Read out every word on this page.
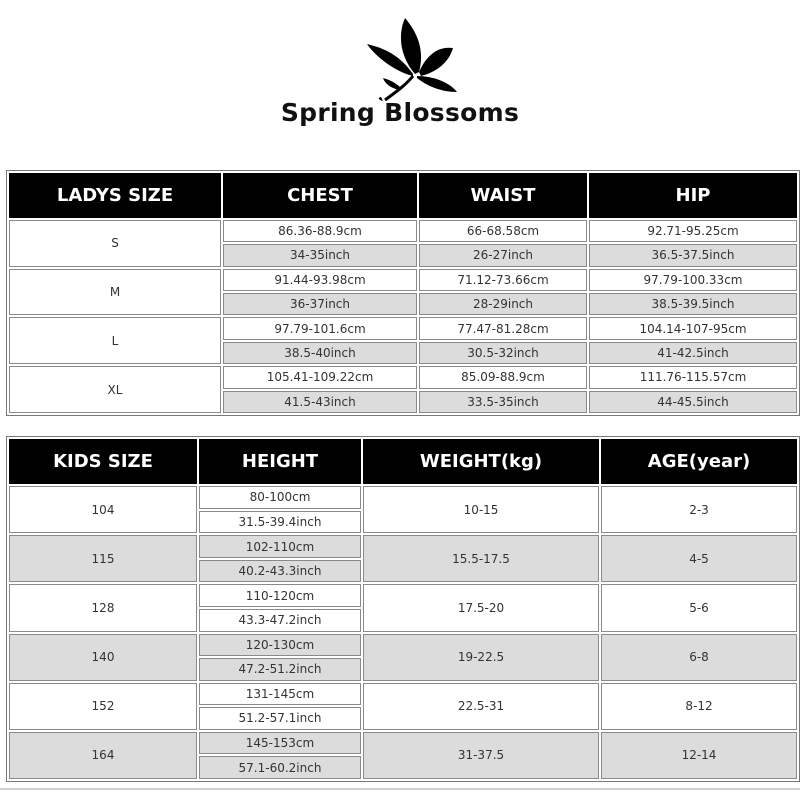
Spring Blossoms
LADYS SIZE	CHEST	WAIST	HIP
S	86.36-88.9cm	66-68.58cm	92.71-95.25cm
	34-35inch	26-27inch	36.5-37.5inch
M	91.44-93.98cm	71.12-73.66cm	97.79-100.33cm
	36-37inch	28-29inch	38.5-39.5inch
L	97.79-101.6cm	77.47-81.28cm	104.14-107-95cm
	38.5-40inch	30.5-32inch	41-42.5inch
XL	105.41-109.22cm	85.09-88.9cm	111.76-115.57cm
	41.5-43inch	33.5-35inch	44-45.5inch
KIDS SIZE	HEIGHT	WEIGHT(kg)	AGE(year)
104	80-100cm	10-15	2-3
	31.5-39.4inch		
115	102-110cm	15.5-17.5	4-5
	40.2-43.3inch		
128	110-120cm	17.5-20	5-6
	43.3-47.2inch		
140	120-130cm	19-22.5	6-8
	47.2-51.2inch		
152	131-145cm	22.5-31	8-12
	51.2-57.1inch		
164	145-153cm	31-37.5	12-14
	57.1-60.2inch		
